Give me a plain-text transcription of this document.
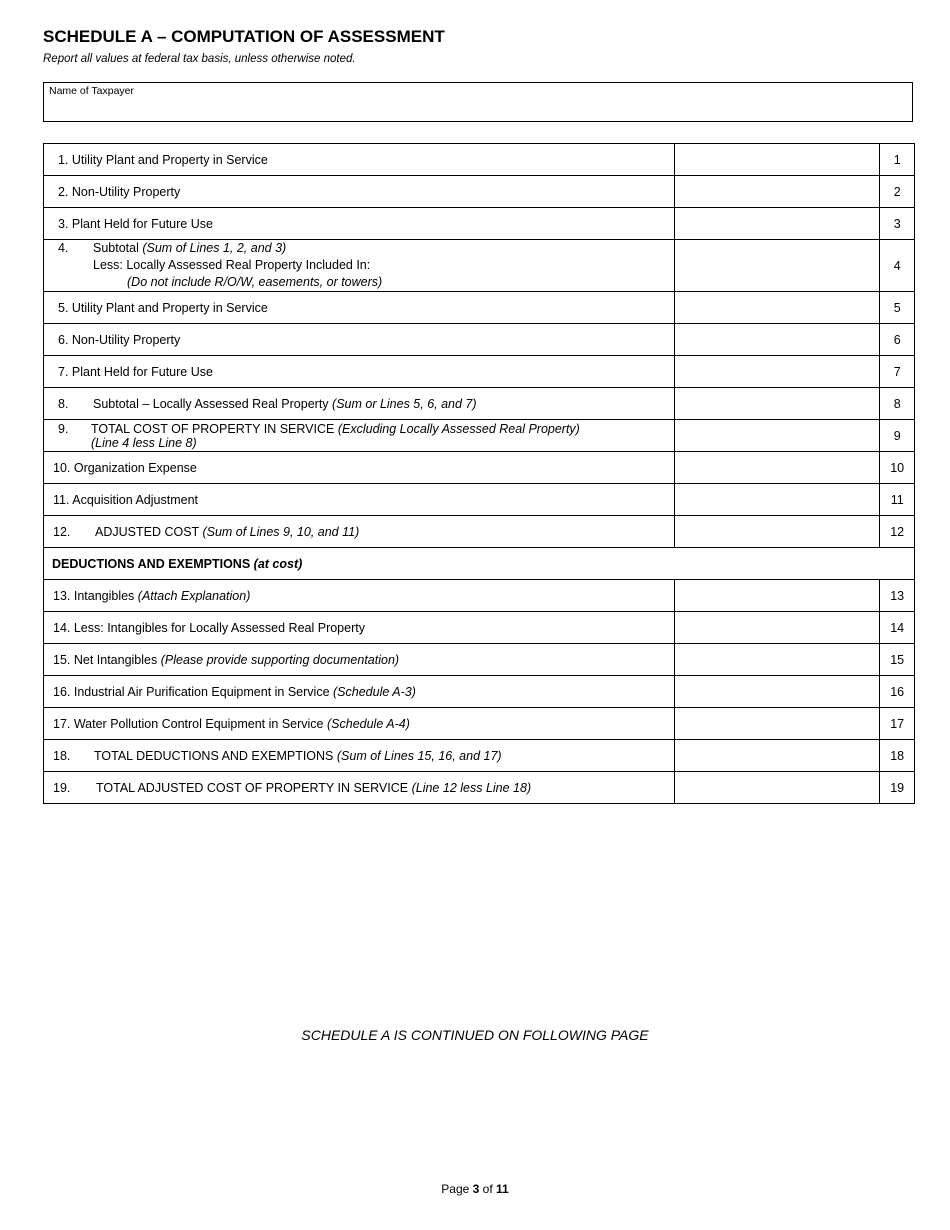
SCHEDULE A – COMPUTATION OF ASSESSMENT
Report all values at federal tax basis, unless otherwise noted.
Name of Taxpayer
1. Utility Plant and Property in Service		1
2. Non-Utility Property		2
3. Plant Held for Future Use		3

4. Subtotal (Sum of Lines 1, 2, and 3)
Less: Locally Assessed Real Property Included In:
(Do not include R/O/W, easements, or towers)		4
5. Utility Plant and Property in Service		5
6. Non-Utility Property		6
7. Plant Held for Future Use		7
8. Subtotal – Locally Assessed Real Property (Sum or Lines 5, 6, and 7)		8

9. TOTAL COST OF PROPERTY IN SERVICE (Excluding Locally Assessed Real Property)
(Line 4 less Line 8)		9
10. Organization Expense		10
11. Acquisition Adjustment		11
12. ADJUSTED COST (Sum of Lines 9, 10, and 11)		12
DEDUCTIONS AND EXEMPTIONS (at cost)		
13. Intangibles (Attach Explanation)		13
14. Less: Intangibles for Locally Assessed Real Property		14
15. Net Intangibles (Please provide supporting documentation)		15
16. Industrial Air Purification Equipment in Service (Schedule A-3)		16
17. Water Pollution Control Equipment in Service (Schedule A-4)		17
18. TOTAL DEDUCTIONS AND EXEMPTIONS (Sum of Lines 15, 16, and 17)		18
19. TOTAL ADJUSTED COST OF PROPERTY IN SERVICE (Line 12 less Line 18)		19
SCHEDULE A IS CONTINUED ON FOLLOWING PAGE
Page 3 of 11
